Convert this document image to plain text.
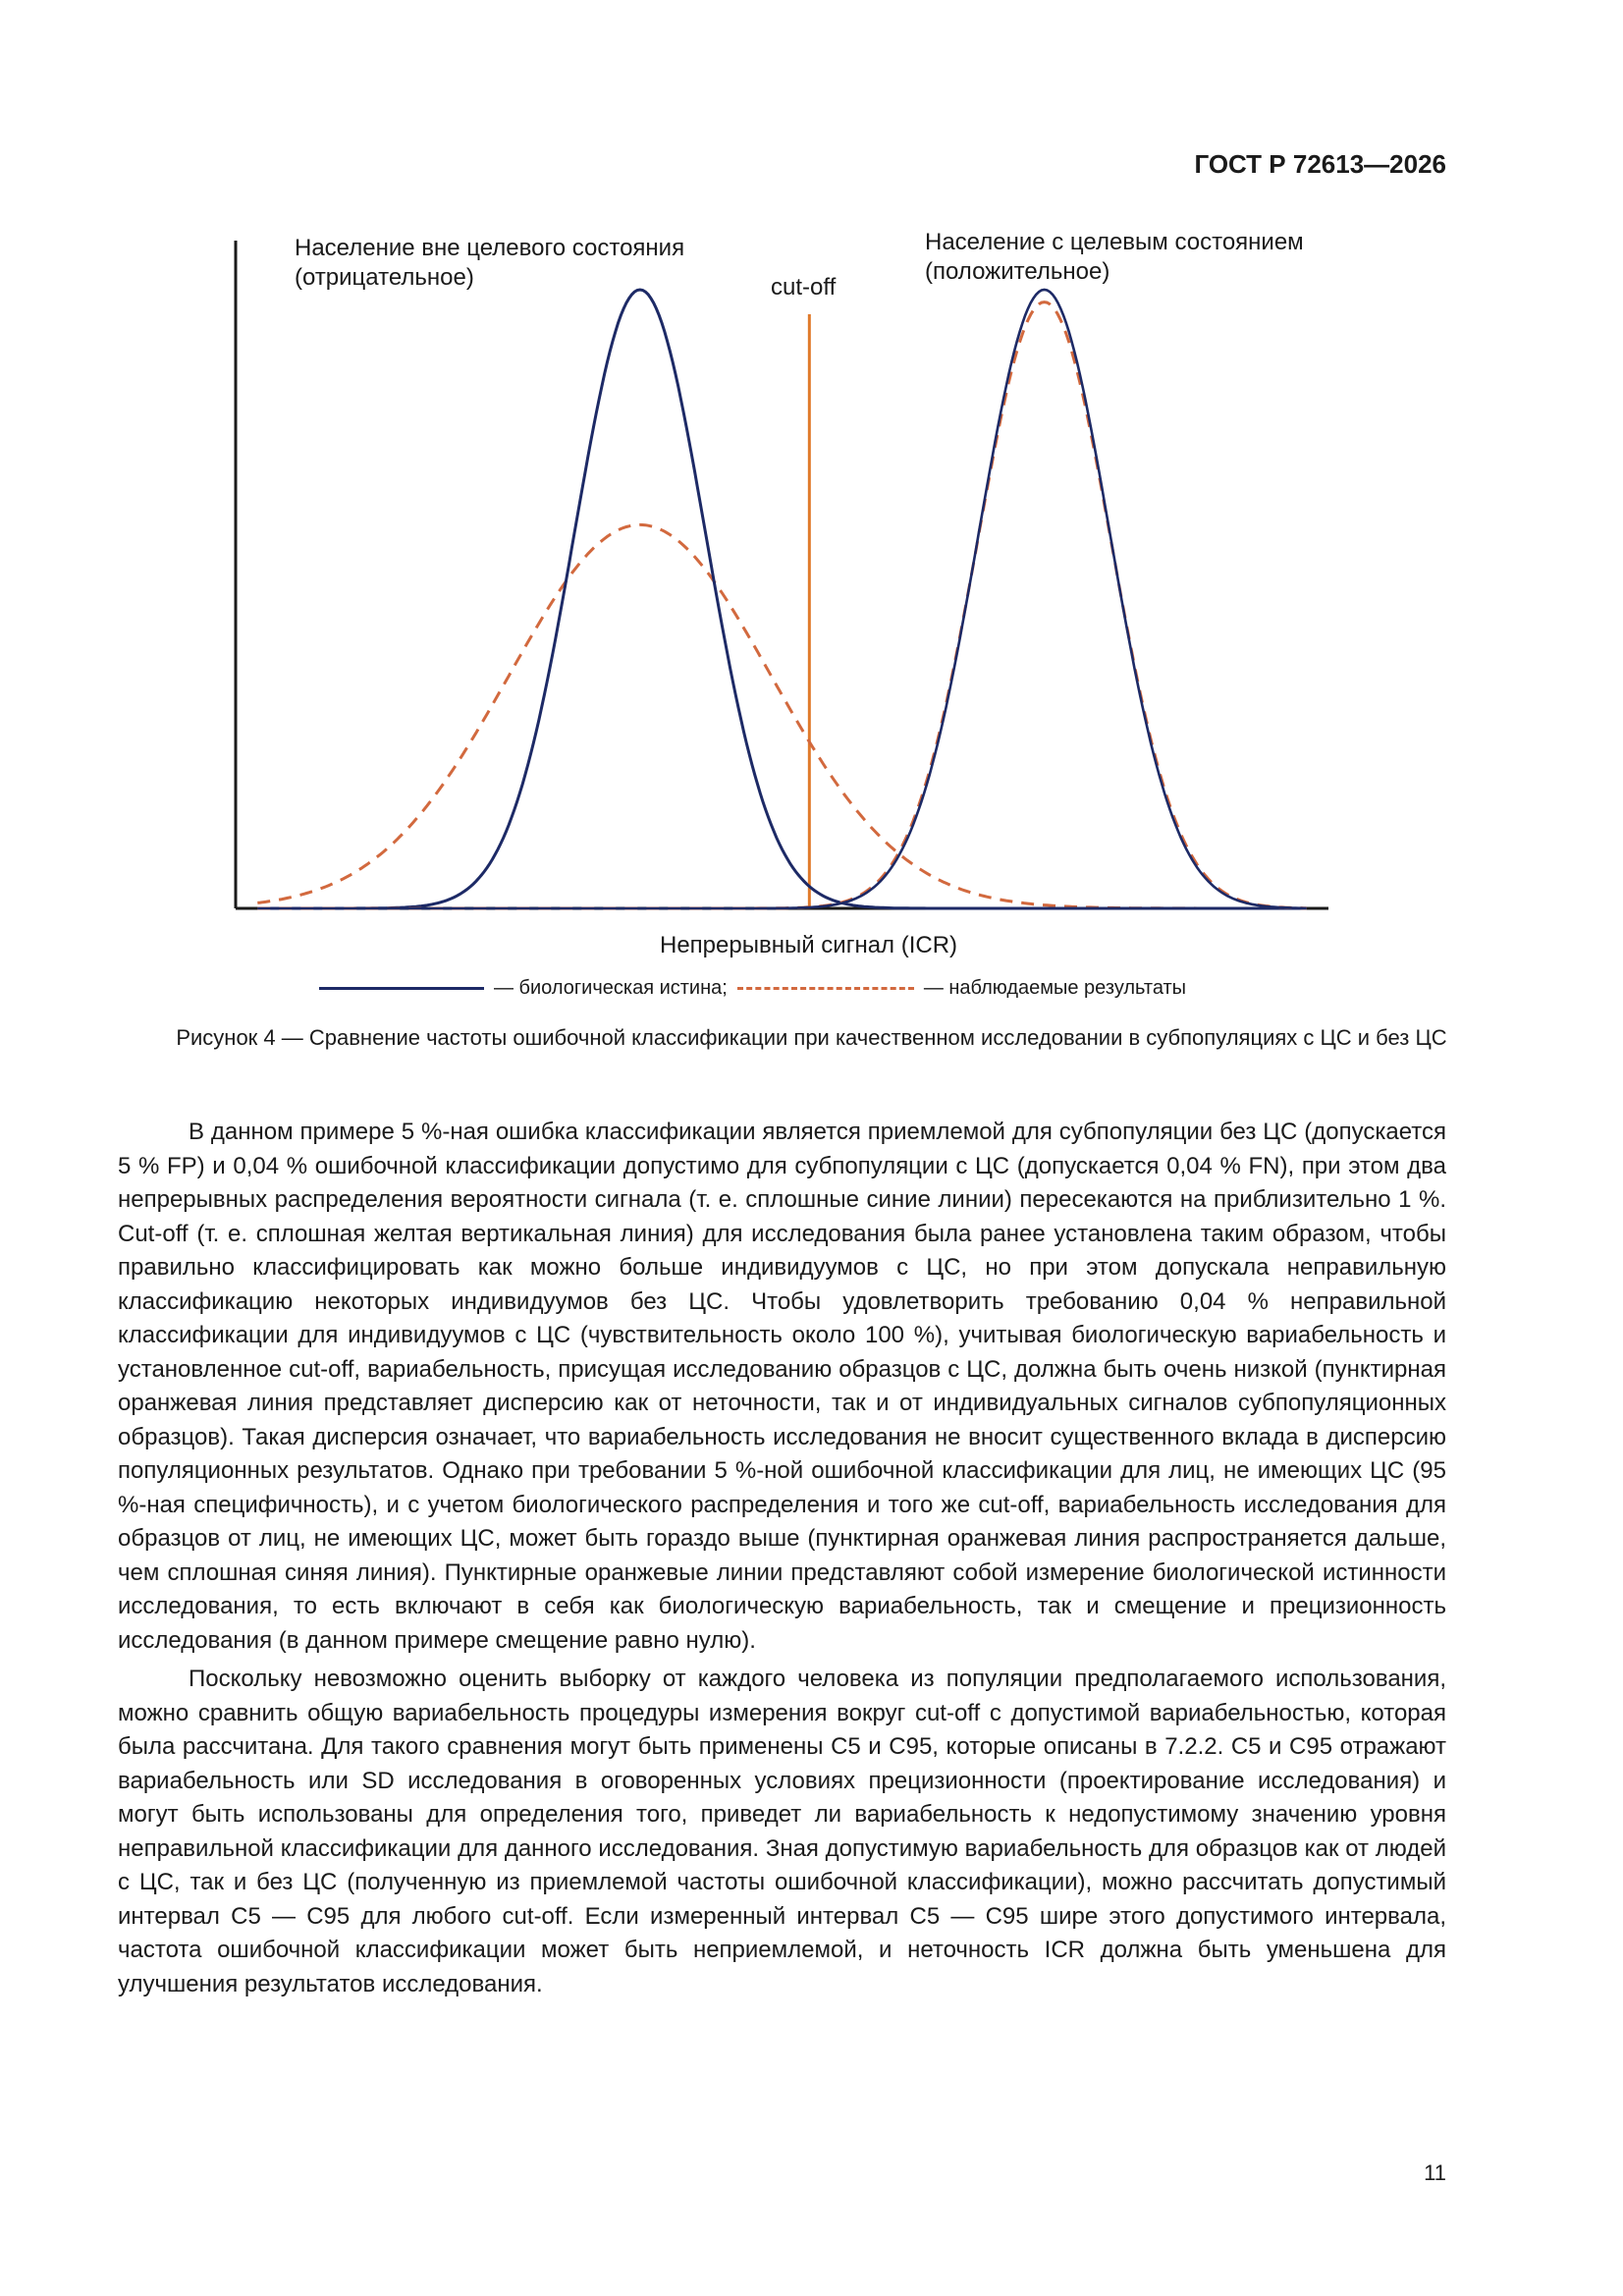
ГОСТ Р 72613—2026
Население вне целевого состояния (отрицательное)
Население с целевым состоянием (положительное)
cut-off
Непрерывный сигнал (ICR)
— биологическая истина;	— наблюдаемые результаты
Рисунок 4 — Сравнение частоты ошибочной классификации при качественном исследовании в субпопуляциях с ЦС и без ЦС

В данном примере 5 %-ная ошибка классификации является приемлемой для субпопуляции без ЦС (допускается 5 % FP) и 0,04 % ошибочной классификации допустимо для субпопуляции с ЦС (допускается 0,04 % FN), при этом два непрерывных распределения вероятности сигнала (т. е. сплошные синие линии) пересекаются на приблизительно 1 %. Cut-off (т. е. сплошная желтая вертикальная линия) для исследования была ранее установлена таким образом, чтобы правильно классифицировать как можно больше индивидуумов с ЦС, но при этом допускала неправильную классификацию некоторых индивидуумов без ЦС. Чтобы удовлетворить требованию 0,04 % неправильной классификации для индивидуумов с ЦС (чувствительность около 100 %), учитывая биологическую вариабельность и установленное cut-off, вариабельность, присущая исследованию образцов с ЦС, должна быть очень низкой (пунктирная оранжевая линия представляет дисперсию как от неточности, так и от индивидуальных сигналов субпопуляционных образцов). Такая дисперсия означает, что вариабельность исследования не вносит существенного вклада в дисперсию популяционных результатов. Однако при требовании 5 %-ной ошибочной классификации для лиц, не имеющих ЦС (95 %-ная специфичность), и с учетом биологического распределения и того же cut-off, вариабельность исследования для образцов от лиц, не имеющих ЦС, может быть гораздо выше (пунктирная оранжевая линия распространяется дальше, чем сплошная синяя линия). Пунктирные оранжевые линии представляют собой измерение биологической истинности исследования, то есть включают в себя как биологическую вариабельность, так и смещение и прецизионность исследования (в данном примере смещение равно нулю).

Поскольку невозможно оценить выборку от каждого человека из популяции предполагаемого использования, можно сравнить общую вариабельность процедуры измерения вокруг cut-off с допустимой вариабельностью, которая была рассчитана. Для такого сравнения могут быть применены С5 и С95, которые описаны в 7.2.2. С5 и С95 отражают вариабельность или SD исследования в оговоренных условиях прецизионности (проектирование исследования) и могут быть использованы для определения того, приведет ли вариабельность к недопустимому значению уровня неправильной классификации для данного исследования. Зная допустимую вариабельность для образцов как от людей с ЦС, так и без ЦС (полученную из приемлемой частоты ошибочной классификации), можно рассчитать допустимый интервал С5 — С95 для любого cut-off. Если измеренный интервал С5 — С95 шире этого допустимого интервала, частота ошибочной классификации может быть неприемлемой, и неточность ICR должна быть уменьшена для улучшения результатов исследования.

11
